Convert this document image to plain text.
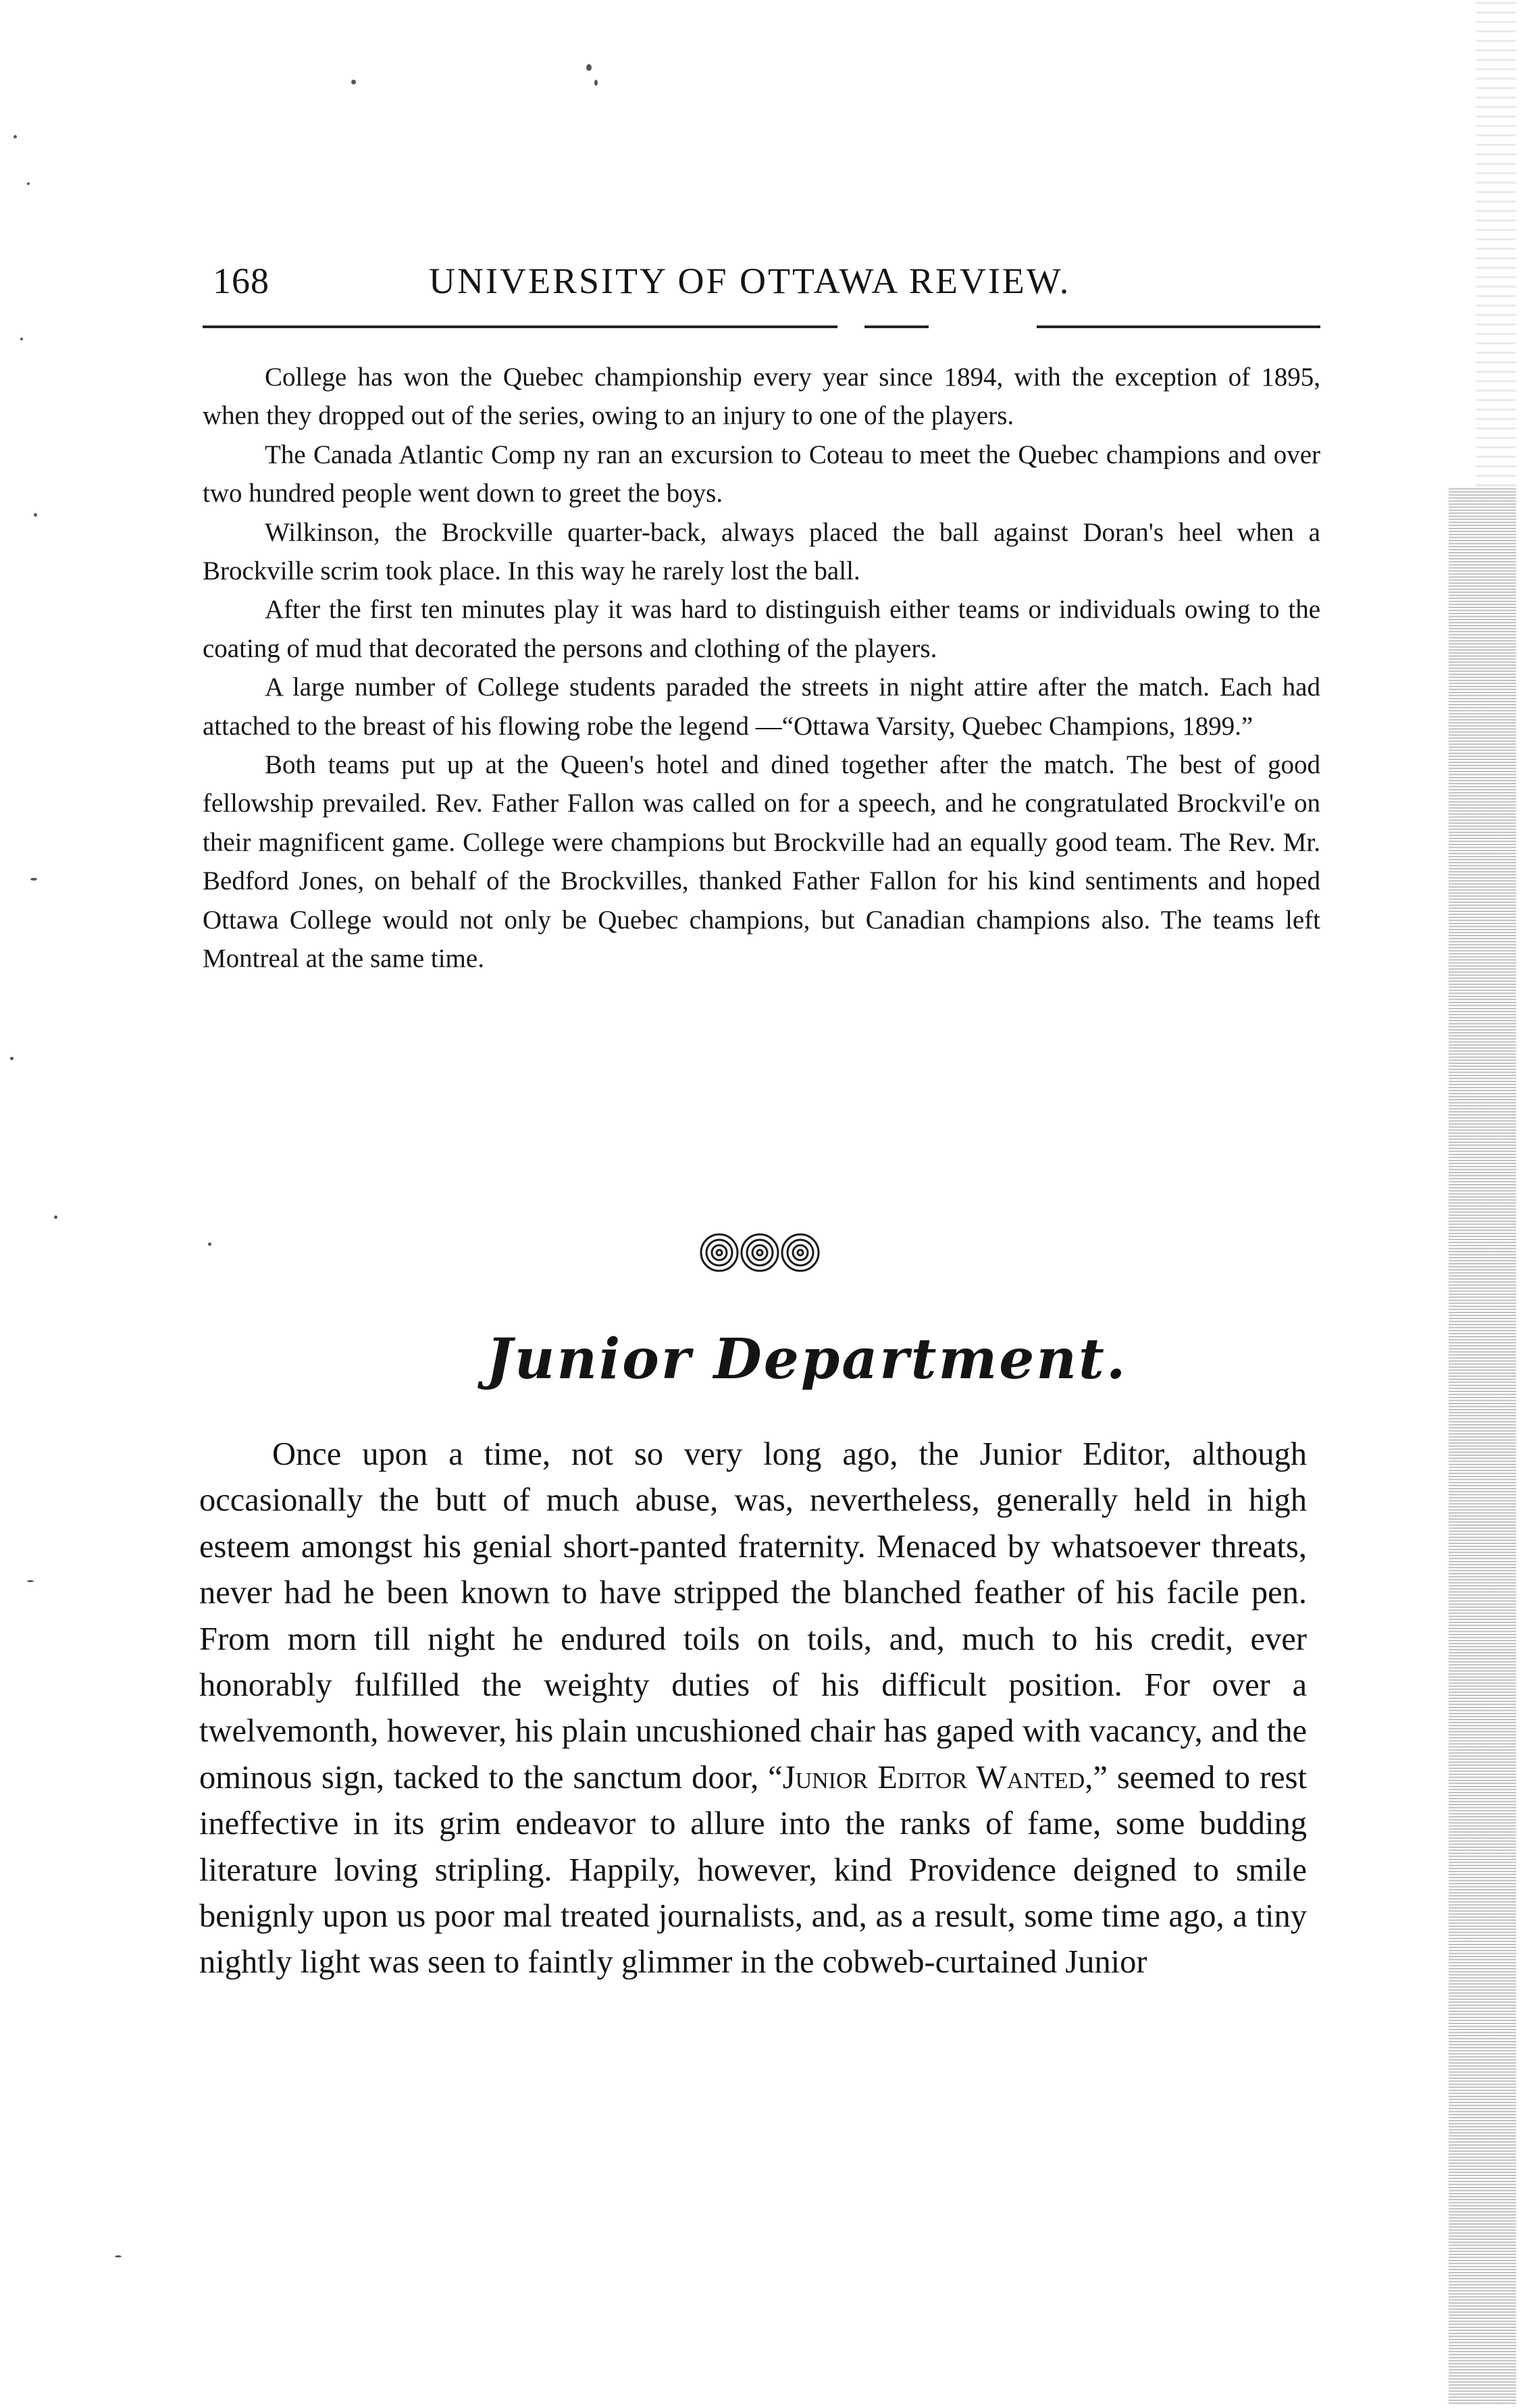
168	UNIVERSITY OF OTTAWA REVIEW.

College has won the Quebec championship every year since 1894, with the exception of 1895, when they dropped out of the series, owing to an injury to one of the players.

The Canada Atlantic Comp ny ran an excursion to Coteau to meet the Quebec champions and over two hundred people went down to greet the boys.

Wilkinson, the Brockville quarter-back, always placed the ball against Doran's heel when a Brockville scrim took place. In this way he rarely lost the ball.

After the first ten minutes play it was hard to distinguish either teams or individuals owing to the coating of mud that decorated the persons and clothing of the players.

A large number of College students paraded the streets in night attire after the match. Each had attached to the breast of his flowing robe the legend —“Ottawa Varsity, Quebec Champions, 1899.”

Both teams put up at the Queen's hotel and dined together after the match. The best of good fellowship prevailed. Rev. Father Fallon was called on for a speech, and he congratulated Brockvil'e on their magnificent game. College were champions but Brockville had an equally good team. The Rev. Mr. Bedford Jones, on behalf of the Brockvilles, thanked Father Fallon for his kind sentiments and hoped Ottawa College would not only be Quebec champions, but Canadian champions also. The teams left Montreal at the same time.

Junior Department.

Once upon a time, not so very long ago, the Junior Editor, although occasionally the butt of much abuse, was, nevertheless, generally held in high esteem amongst his genial short-panted fraternity. Menaced by whatsoever threats, never had he been known to have stripped the blanched feather of his facile pen. From morn till night he endured toils on toils, and, much to his credit, ever honorably fulfilled the weighty duties of his difficult position. For over a twelvemonth, however, his plain uncushioned chair has gaped with vacancy, and the ominous sign, tacked to the sanctum door, “Junior Editor Wanted,” seemed to rest ineffective in its grim endeavor to allure into the ranks of fame, some budding literature loving stripling. Happily, however, kind Providence deigned to smile benignly upon us poor mal treated journalists, and, as a result, some time ago, a tiny nightly light was seen to faintly glimmer in the cobweb-curtained Junior
